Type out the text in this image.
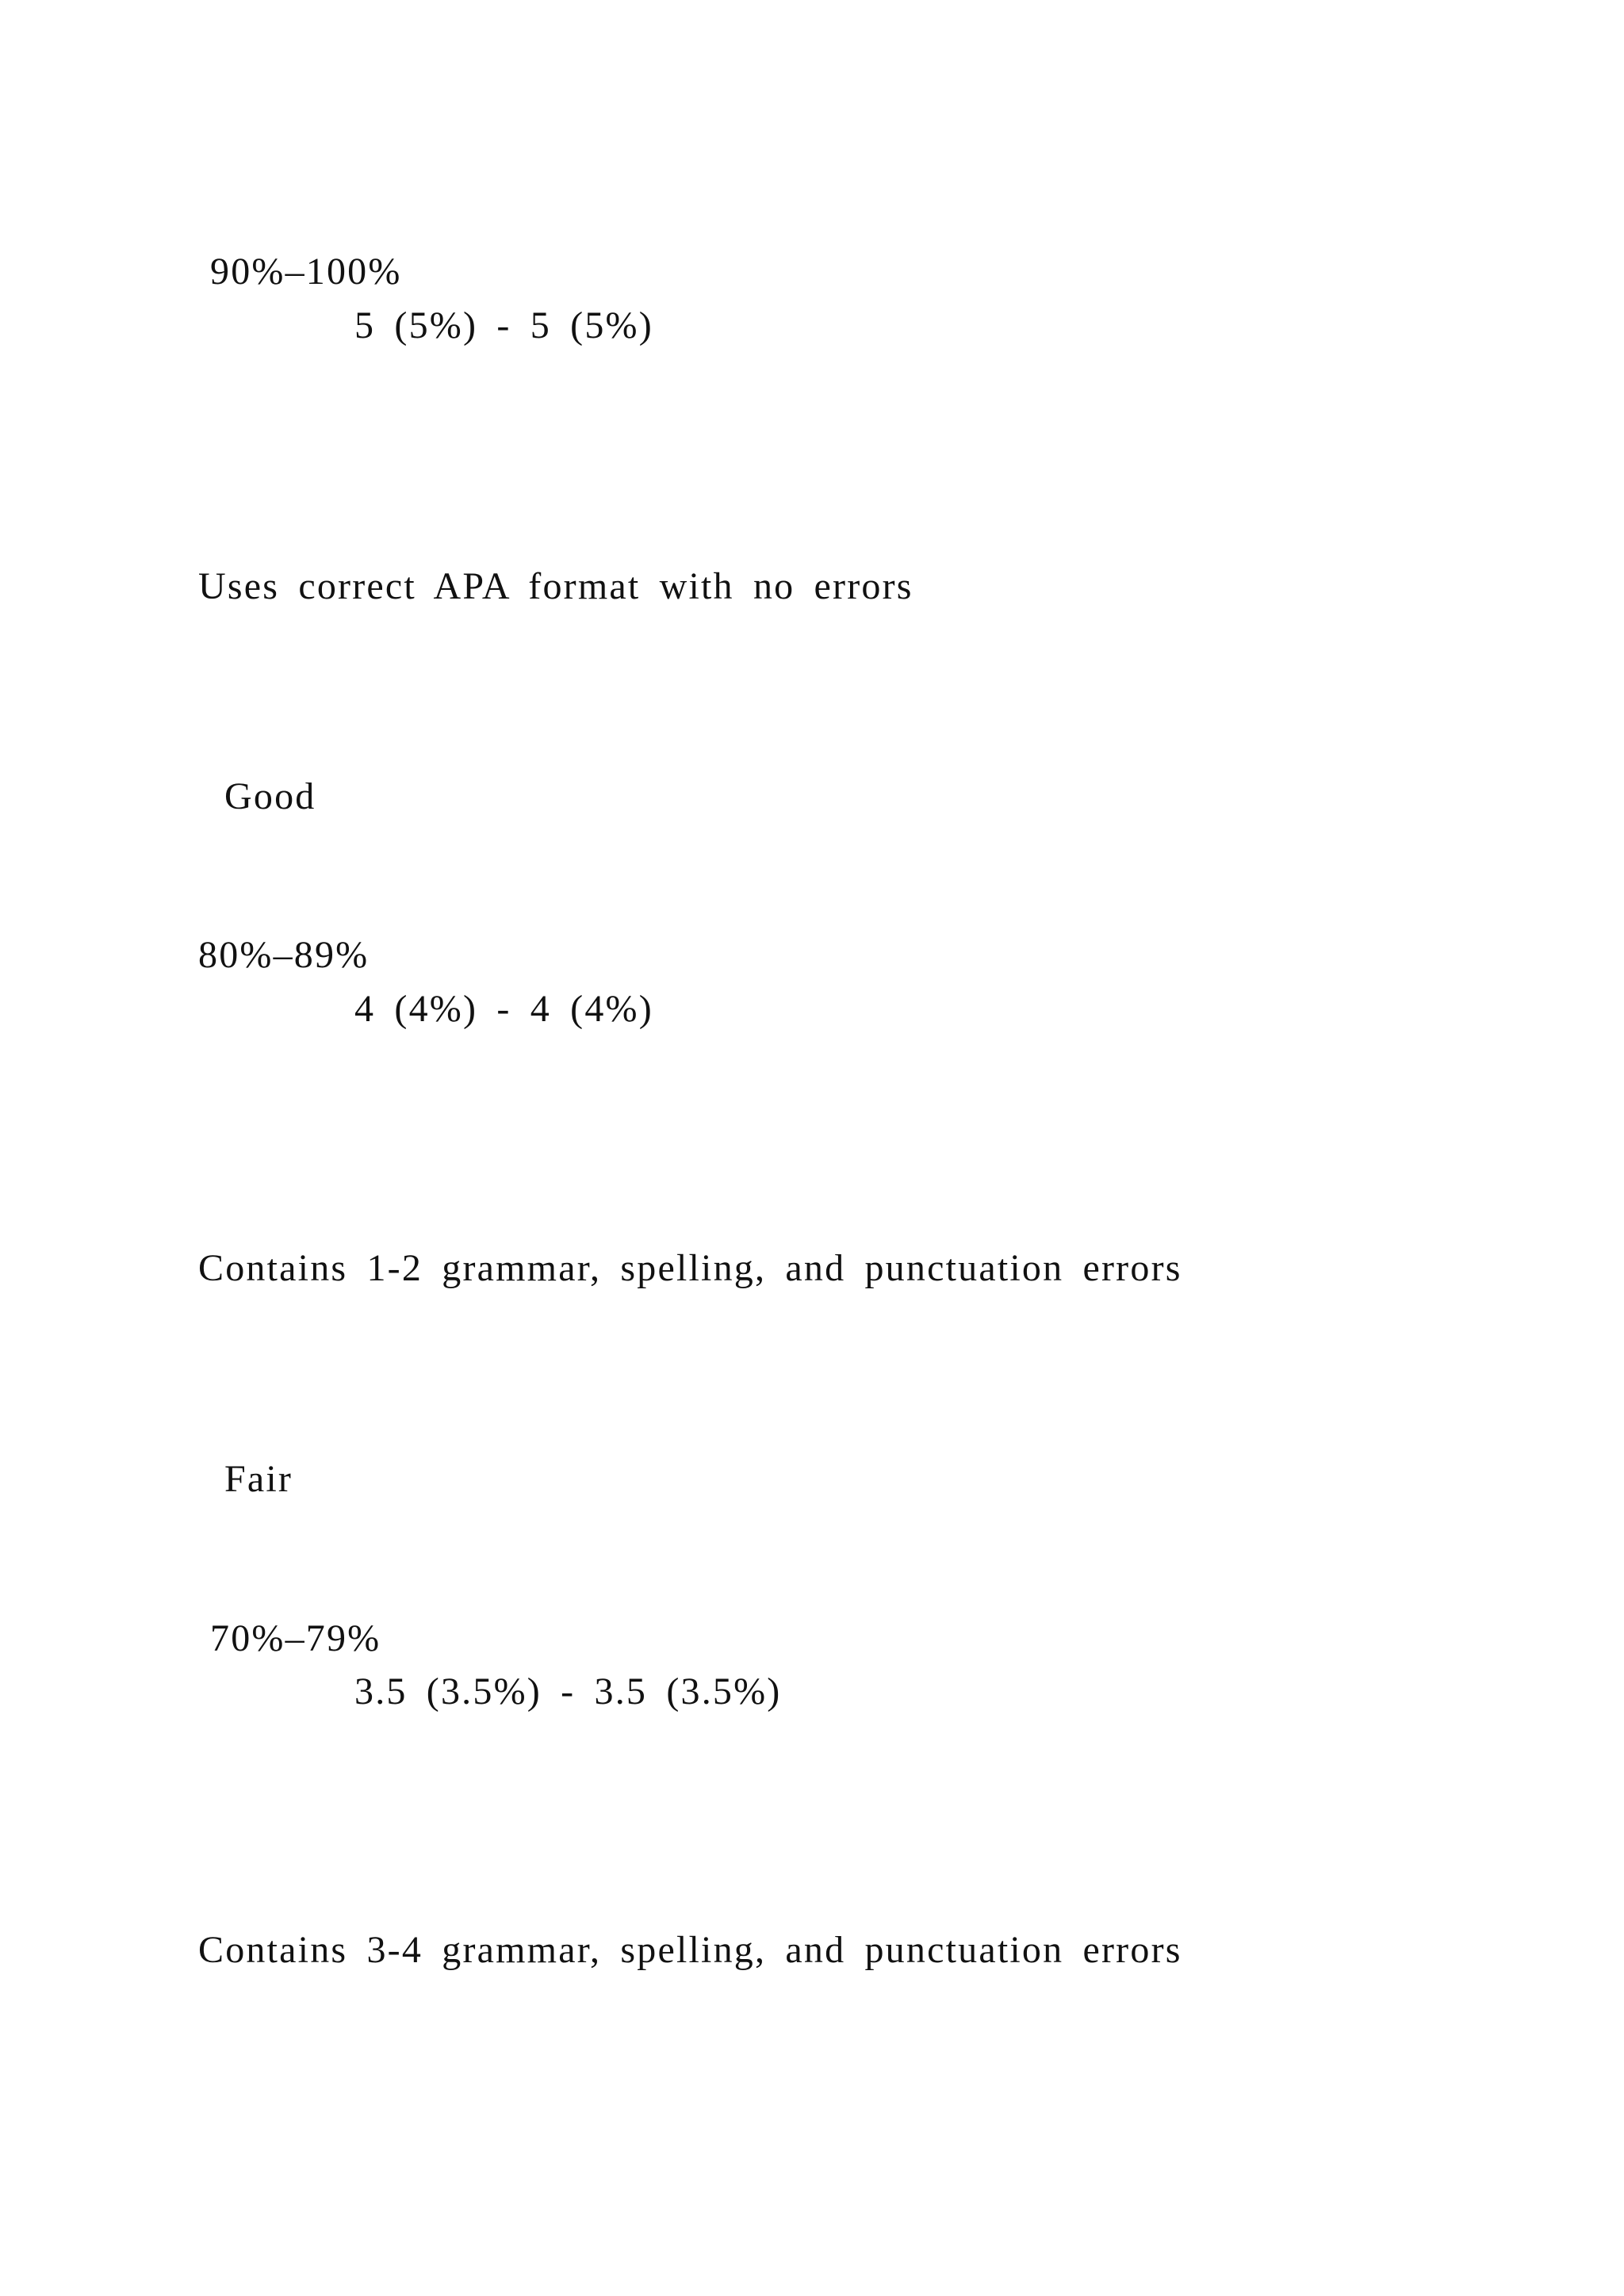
90%–100%

5 (5%) - 5 (5%)

Uses correct APA format with no errors

Good

80%–89%

4 (4%) - 4 (4%)

Contains 1-2 grammar, spelling, and punctuation errors

Fair

70%–79%

3.5 (3.5%) - 3.5 (3.5%)

Contains 3-4 grammar, spelling, and punctuation errors
